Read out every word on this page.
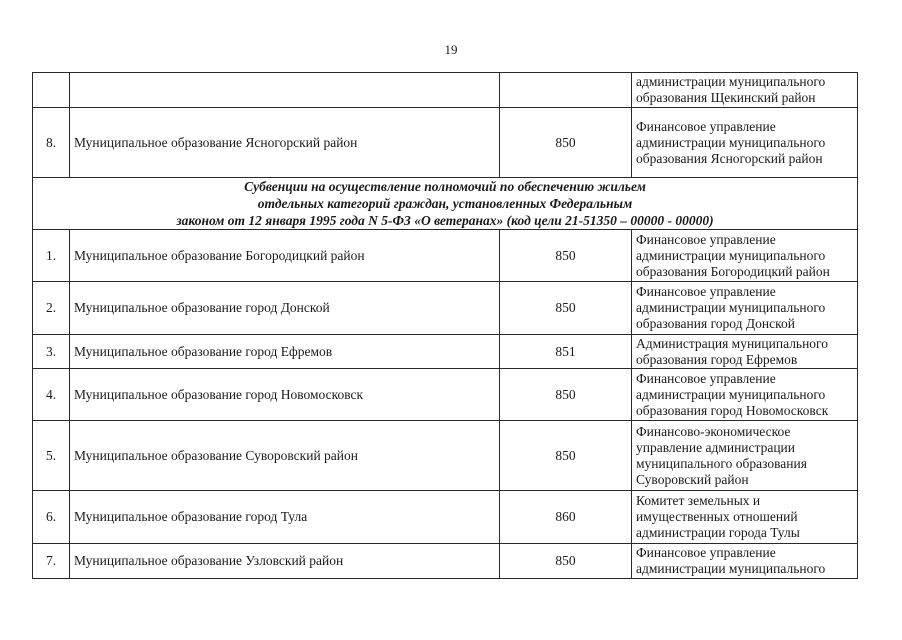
19

			администрации муниципального
образования Щекинский район

8.	Муниципальное образование Ясногорский район	850	Финансовое управление
администрации муниципального
образования Ясногорский район

Субвенции на осуществление полномочий по обеспечению жильем
отдельных категорий граждан, установленных Федеральным
законом от 12 января 1995 года N 5-ФЗ «О ветеранах» (код цели 21-51350 – 00000 - 00000)			

1.	Муниципальное образование Богородицкий район	850	Финансовое управление
администрации муниципального
образования Богородицкий район

2.	Муниципальное образование город Донской	850	Финансовое управление
администрации муниципального
образования город Донской

3.	Муниципальное образование город Ефремов	851	Администрация муниципального
образования город Ефремов

4.	Муниципальное образование город Новомосковск	850	Финансовое управление
администрации муниципального
образования город Новомосковск

5.	Муниципальное образование Суворовский район	850	Финансово-экономическое
управление администрации
муниципального образования
Суворовский район

6.	Муниципальное образование город Тула	860	Комитет земельных и
имущественных отношений
администрации города Тулы

7.	Муниципальное образование Узловский район	850	Финансовое управление
администрации муниципального
